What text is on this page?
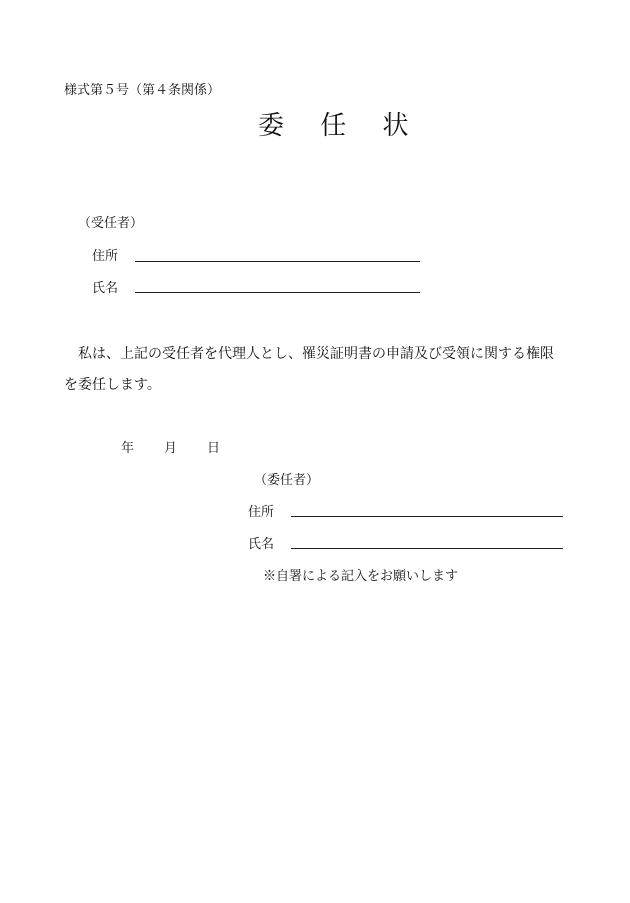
様式第５号（第４条関係）
委 任 状
（受任者）
住所
氏名
私は、上記の受任者を代理人とし、罹災証明書の申請及び受領に関する権限
を委任します。
年 月 日
（委任者）
住所
氏名
※自署による記入をお願いします
